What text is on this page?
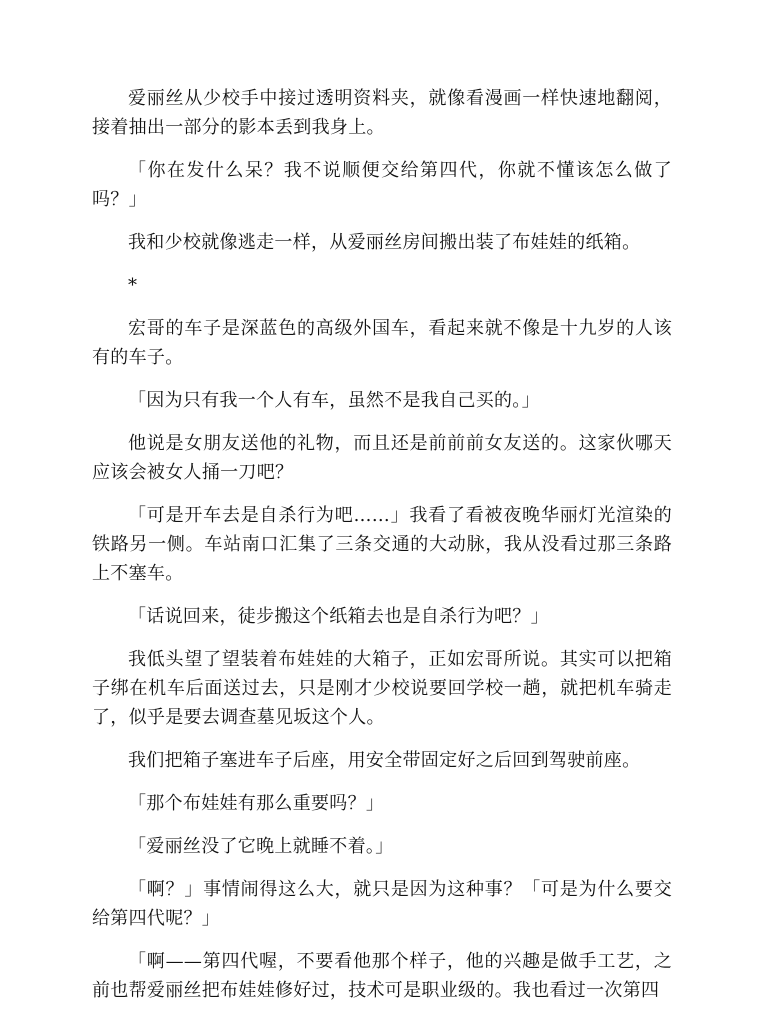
爱丽丝从少校手中接过透明资料夹，就像看漫画一样快速地翻阅，接着抽出一部分的影本丢到我身上。

「你在发什么呆？我不说顺便交给第四代，你就不懂该怎么做了吗？」

我和少校就像逃走一样，从爱丽丝房间搬出装了布娃娃的纸箱。

*

宏哥的车子是深蓝色的高级外国车，看起来就不像是十九岁的人该有的车子。

「因为只有我一个人有车，虽然不是我自己买的。」

他说是女朋友送他的礼物，而且还是前前前女友送的。这家伙哪天应该会被女人捅一刀吧？

「可是开车去是自杀行为吧……」我看了看被夜晚华丽灯光渲染的铁路另一侧。车站南口汇集了三条交通的大动脉，我从没看过那三条路上不塞车。

「话说回来，徒步搬这个纸箱去也是自杀行为吧？」

我低头望了望装着布娃娃的大箱子，正如宏哥所说。其实可以把箱子绑在机车后面送过去，只是刚才少校说要回学校一趟，就把机车骑走了，似乎是要去调查墓见坂这个人。

我们把箱子塞进车子后座，用安全带固定好之后回到驾驶前座。

「那个布娃娃有那么重要吗？」

「爱丽丝没了它晚上就睡不着。」

「啊？」事情闹得这么大，就只是因为这种事？「可是为什么要交给第四代呢？」

「啊——第四代喔，不要看他那个样子，他的兴趣是做手工艺，之前也帮爱丽丝把布娃娃修好过，技术可是职业级的。我也看过一次第四
